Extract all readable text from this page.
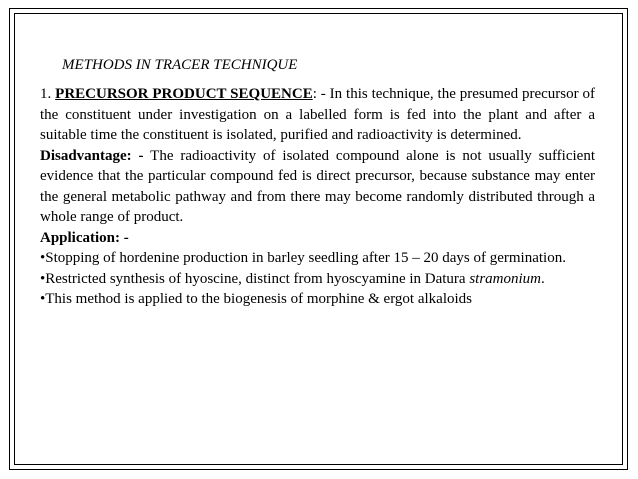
METHODS IN TRACER TECHNIQUE

1. PRECURSOR PRODUCT SEQUENCE: - In this technique, the presumed precursor of the constituent under investigation on a labelled form is fed into the plant and after a suitable time the constituent is isolated, purified and radioactivity is determined.

Disadvantage: - The radioactivity of isolated compound alone is not usually sufficient evidence that the particular compound fed is direct precursor, because substance may enter the general metabolic pathway and from there may become randomly distributed through a whole range of product.

Application: -

•Stopping of hordenine production in barley seedling after 15 – 20 days of germination.

•Restricted synthesis of hyoscine, distinct from hyoscyamine in Datura stramonium.

•This method is applied to the biogenesis of morphine & ergot alkaloids
